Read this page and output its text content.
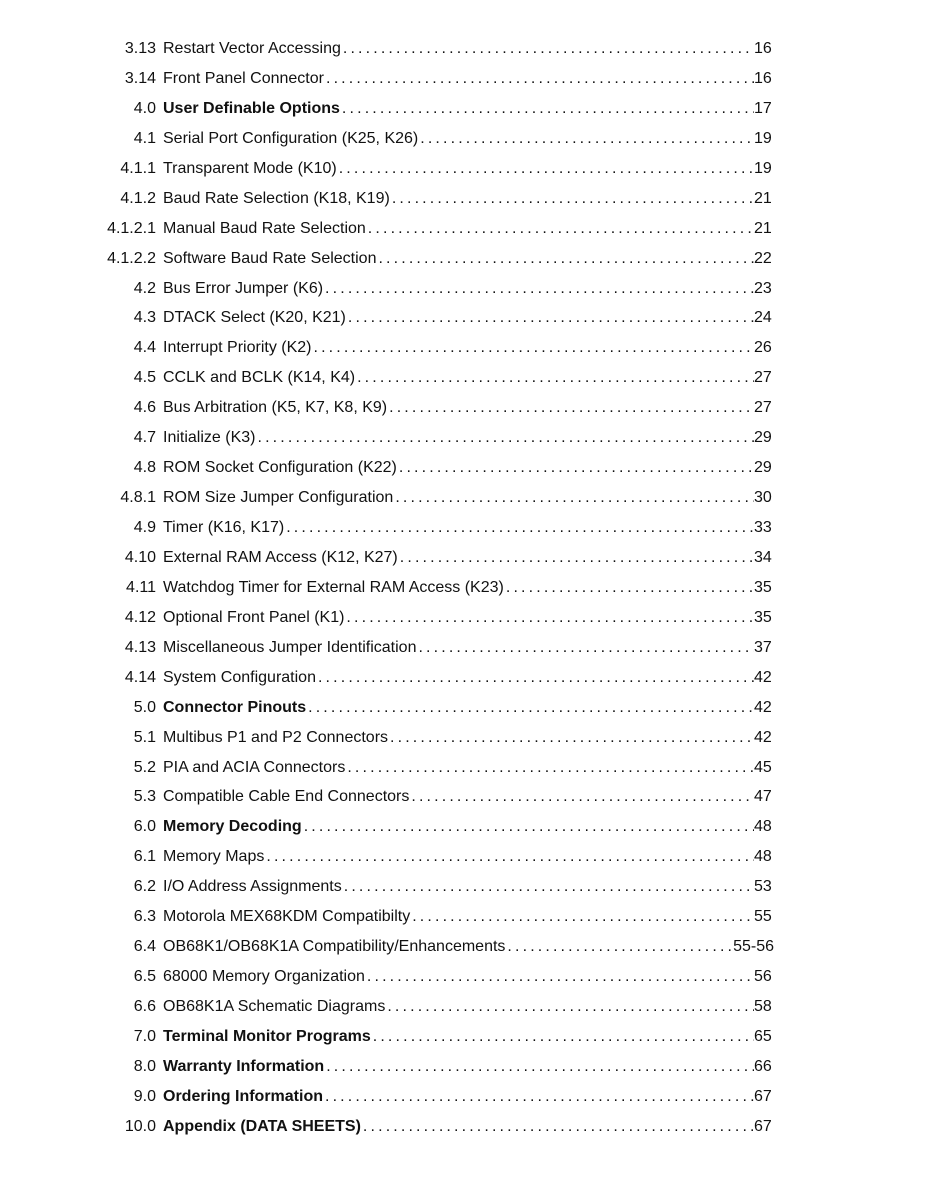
3.13 Restart Vector Accessing . . .	16
3.14 Front Panel Connector . . .	16
4.0 User Definable Options . . .	17
4.1 Serial Port Configuration (K25, K26) . . .	19
4.1.1 Transparent Mode (K10) . . .	19
4.1.2 Baud Rate Selection (K18, K19) . . .	21
4.1.2.1 Manual Baud Rate Selection . . .	21
4.1.2.2 Software Baud Rate Selection . . .	22
4.2 Bus Error Jumper (K6) . . .	23
4.3 DTACK Select (K20, K21) . . .	24
4.4 Interrupt Priority (K2) . . .	26
4.5 CCLK and BCLK (K14, K4) . . .	27
4.6 Bus Arbitration (K5, K7, K8, K9) . . .	27
4.7 Initialize (K3) . . .	29
4.8 ROM Socket Configuration (K22) . . .	29
4.8.1 ROM Size Jumper Configuration . . .	30
4.9 Timer (K16, K17) . . .	33
4.10 External RAM Access (K12, K27) . . .	34
4.11 Watchdog Timer for External RAM Access (K23) . . .	35
4.12 Optional Front Panel (K1) . . .	35
4.13 Miscellaneous Jumper Identification . . .	37
4.14 System Configuration . . .	42
5.0 Connector Pinouts . . .	42
5.1 Multibus P1 and P2 Connectors . . .	42
5.2 PIA and ACIA Connectors . . .	45
5.3 Compatible Cable End Connectors . . .	47
6.0 Memory Decoding . . .	48
6.1 Memory Maps . . .	48
6.2 I/O Address Assignments . . .	53
6.3 Motorola MEX68KDM Compatibilty . . .	55
6.4 OB68K1/OB68K1A Compatibility/Enhancements . . .	55-56
6.5 68000 Memory Organization . . .	56
6.6 OB68K1A Schematic Diagrams . . .	58
7.0 Terminal Monitor Programs . . .	65
8.0 Warranty Information . . .	66
9.0 Ordering Information . . .	67
10.0 Appendix (DATA SHEETS) . . .	67
